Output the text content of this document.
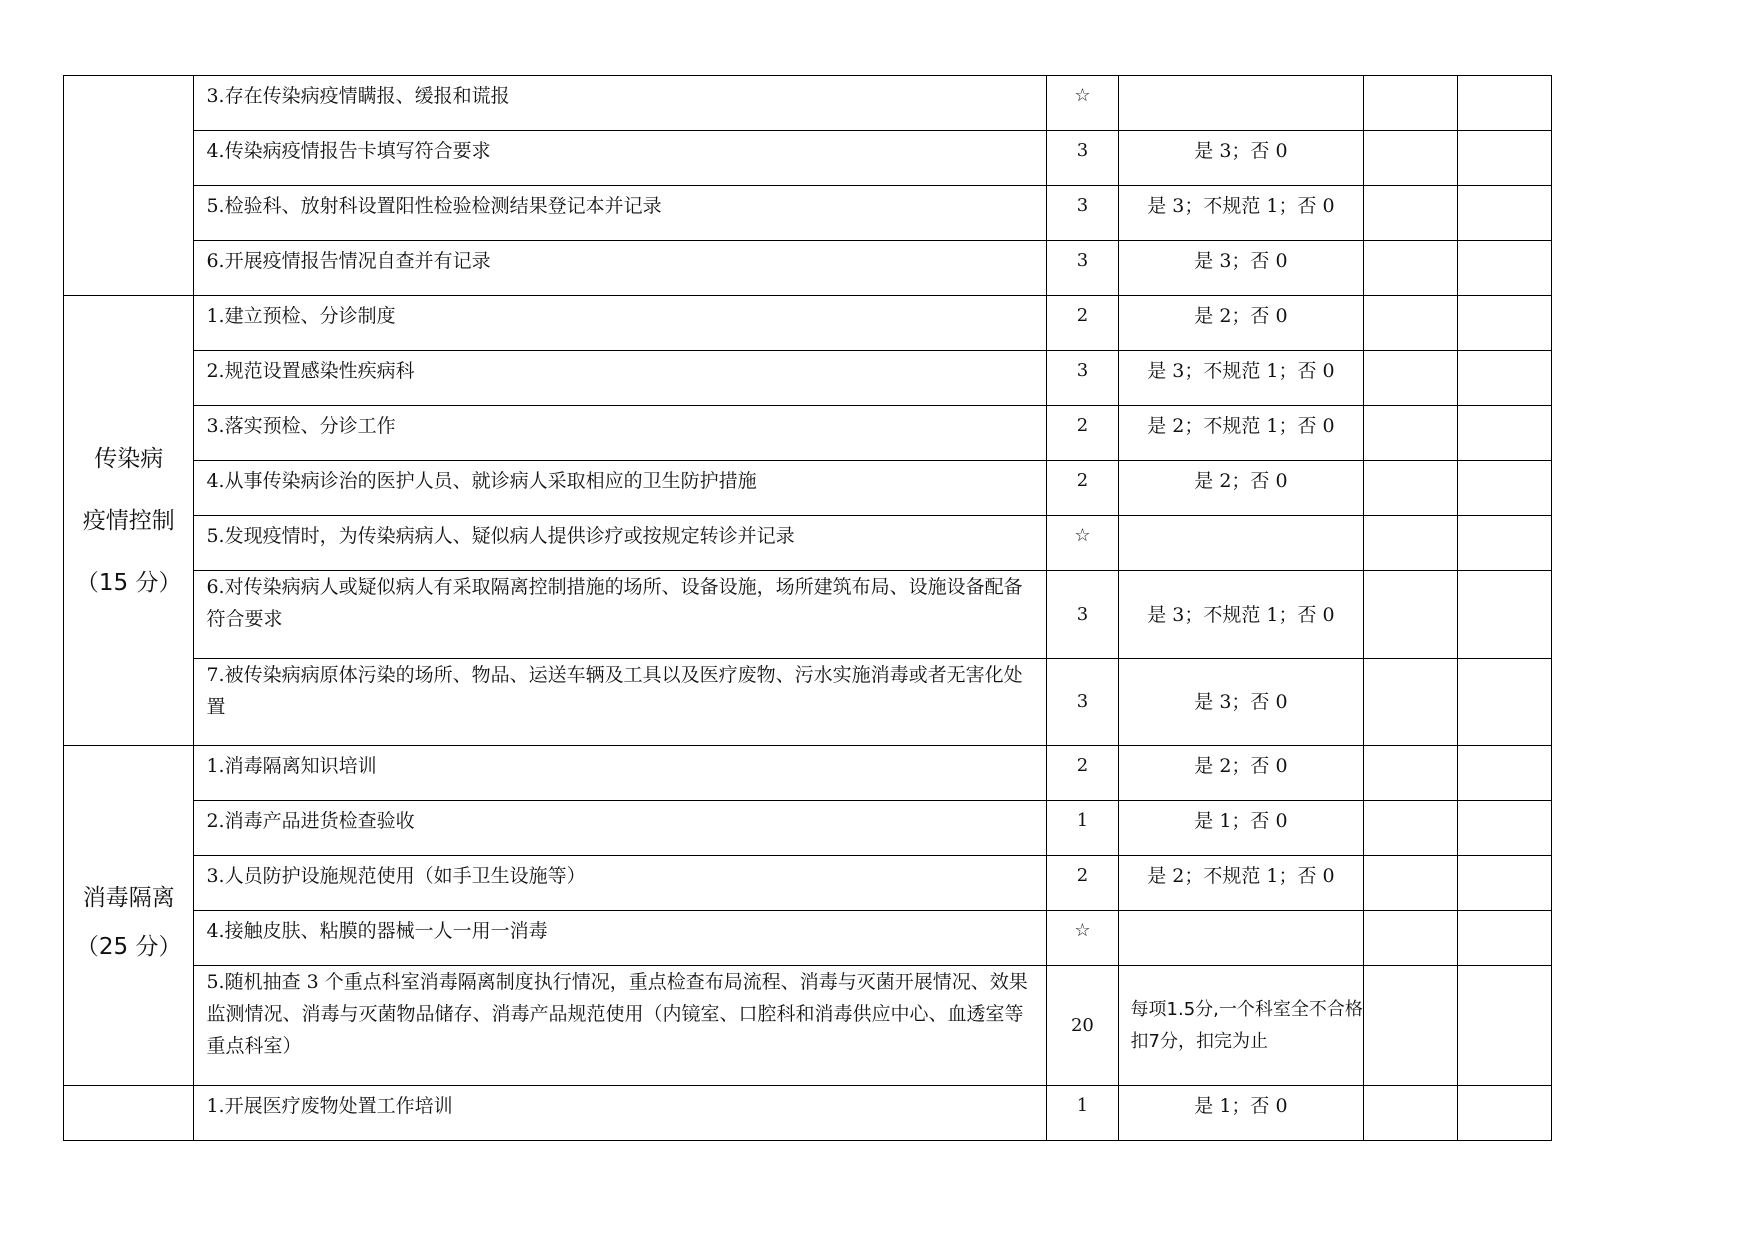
	3.存在传染病疫情瞒报、缓报和谎报	☆			
	4.传染病疫情报告卡填写符合要求	3	是 3；否 0		
	5.检验科、放射科设置阳性检验检测结果登记本并记录	3	是 3；不规范 1；否 0		
	6.开展疫情报告情况自查并有记录	3	是 3；否 0		

传染病
疫情控制
（15 分）	1.建立预检、分诊制度	2	是 2；否 0		
	2.规范设置感染性疾病科	3	是 3；不规范 1；否 0		
	3.落实预检、分诊工作	2	是 2；不规范 1；否 0		
	4.从事传染病诊治的医护人员、就诊病人采取相应的卫生防护措施	2	是 2；否 0		
	5.发现疫情时，为传染病病人、疑似病人提供诊疗或按规定转诊并记录	☆			
	6.对传染病病人或疑似病人有采取隔离控制措施的场所、设备设施，场所建筑布局、设施设备配备符合要求	3	是 3；不规范 1；否 0		
	7.被传染病病原体污染的场所、物品、运送车辆及工具以及医疗废物、污水实施消毒或者无害化处置	3	是 3；否 0		

消毒隔离
（25 分）	1.消毒隔离知识培训	2	是 2；否 0		
	2.消毒产品进货检查验收	1	是 1；否 0		
	3.人员防护设施规范使用（如手卫生设施等）	2	是 2；不规范 1；否 0		
	4.接触皮肤、粘膜的器械一人一用一消毒	☆			
	5.随机抽查 3 个重点科室消毒隔离制度执行情况，重点检查布局流程、消毒与灭菌开展情况、效果监测情况、消毒与灭菌物品储存、消毒产品规范使用（内镜室、口腔科和消毒供应中心、血透室等重点科室）	20	每项1.5分,一个科室全不合格扣7分，扣完为止		
	1.开展医疗废物处置工作培训	1	是 1；否 0		
